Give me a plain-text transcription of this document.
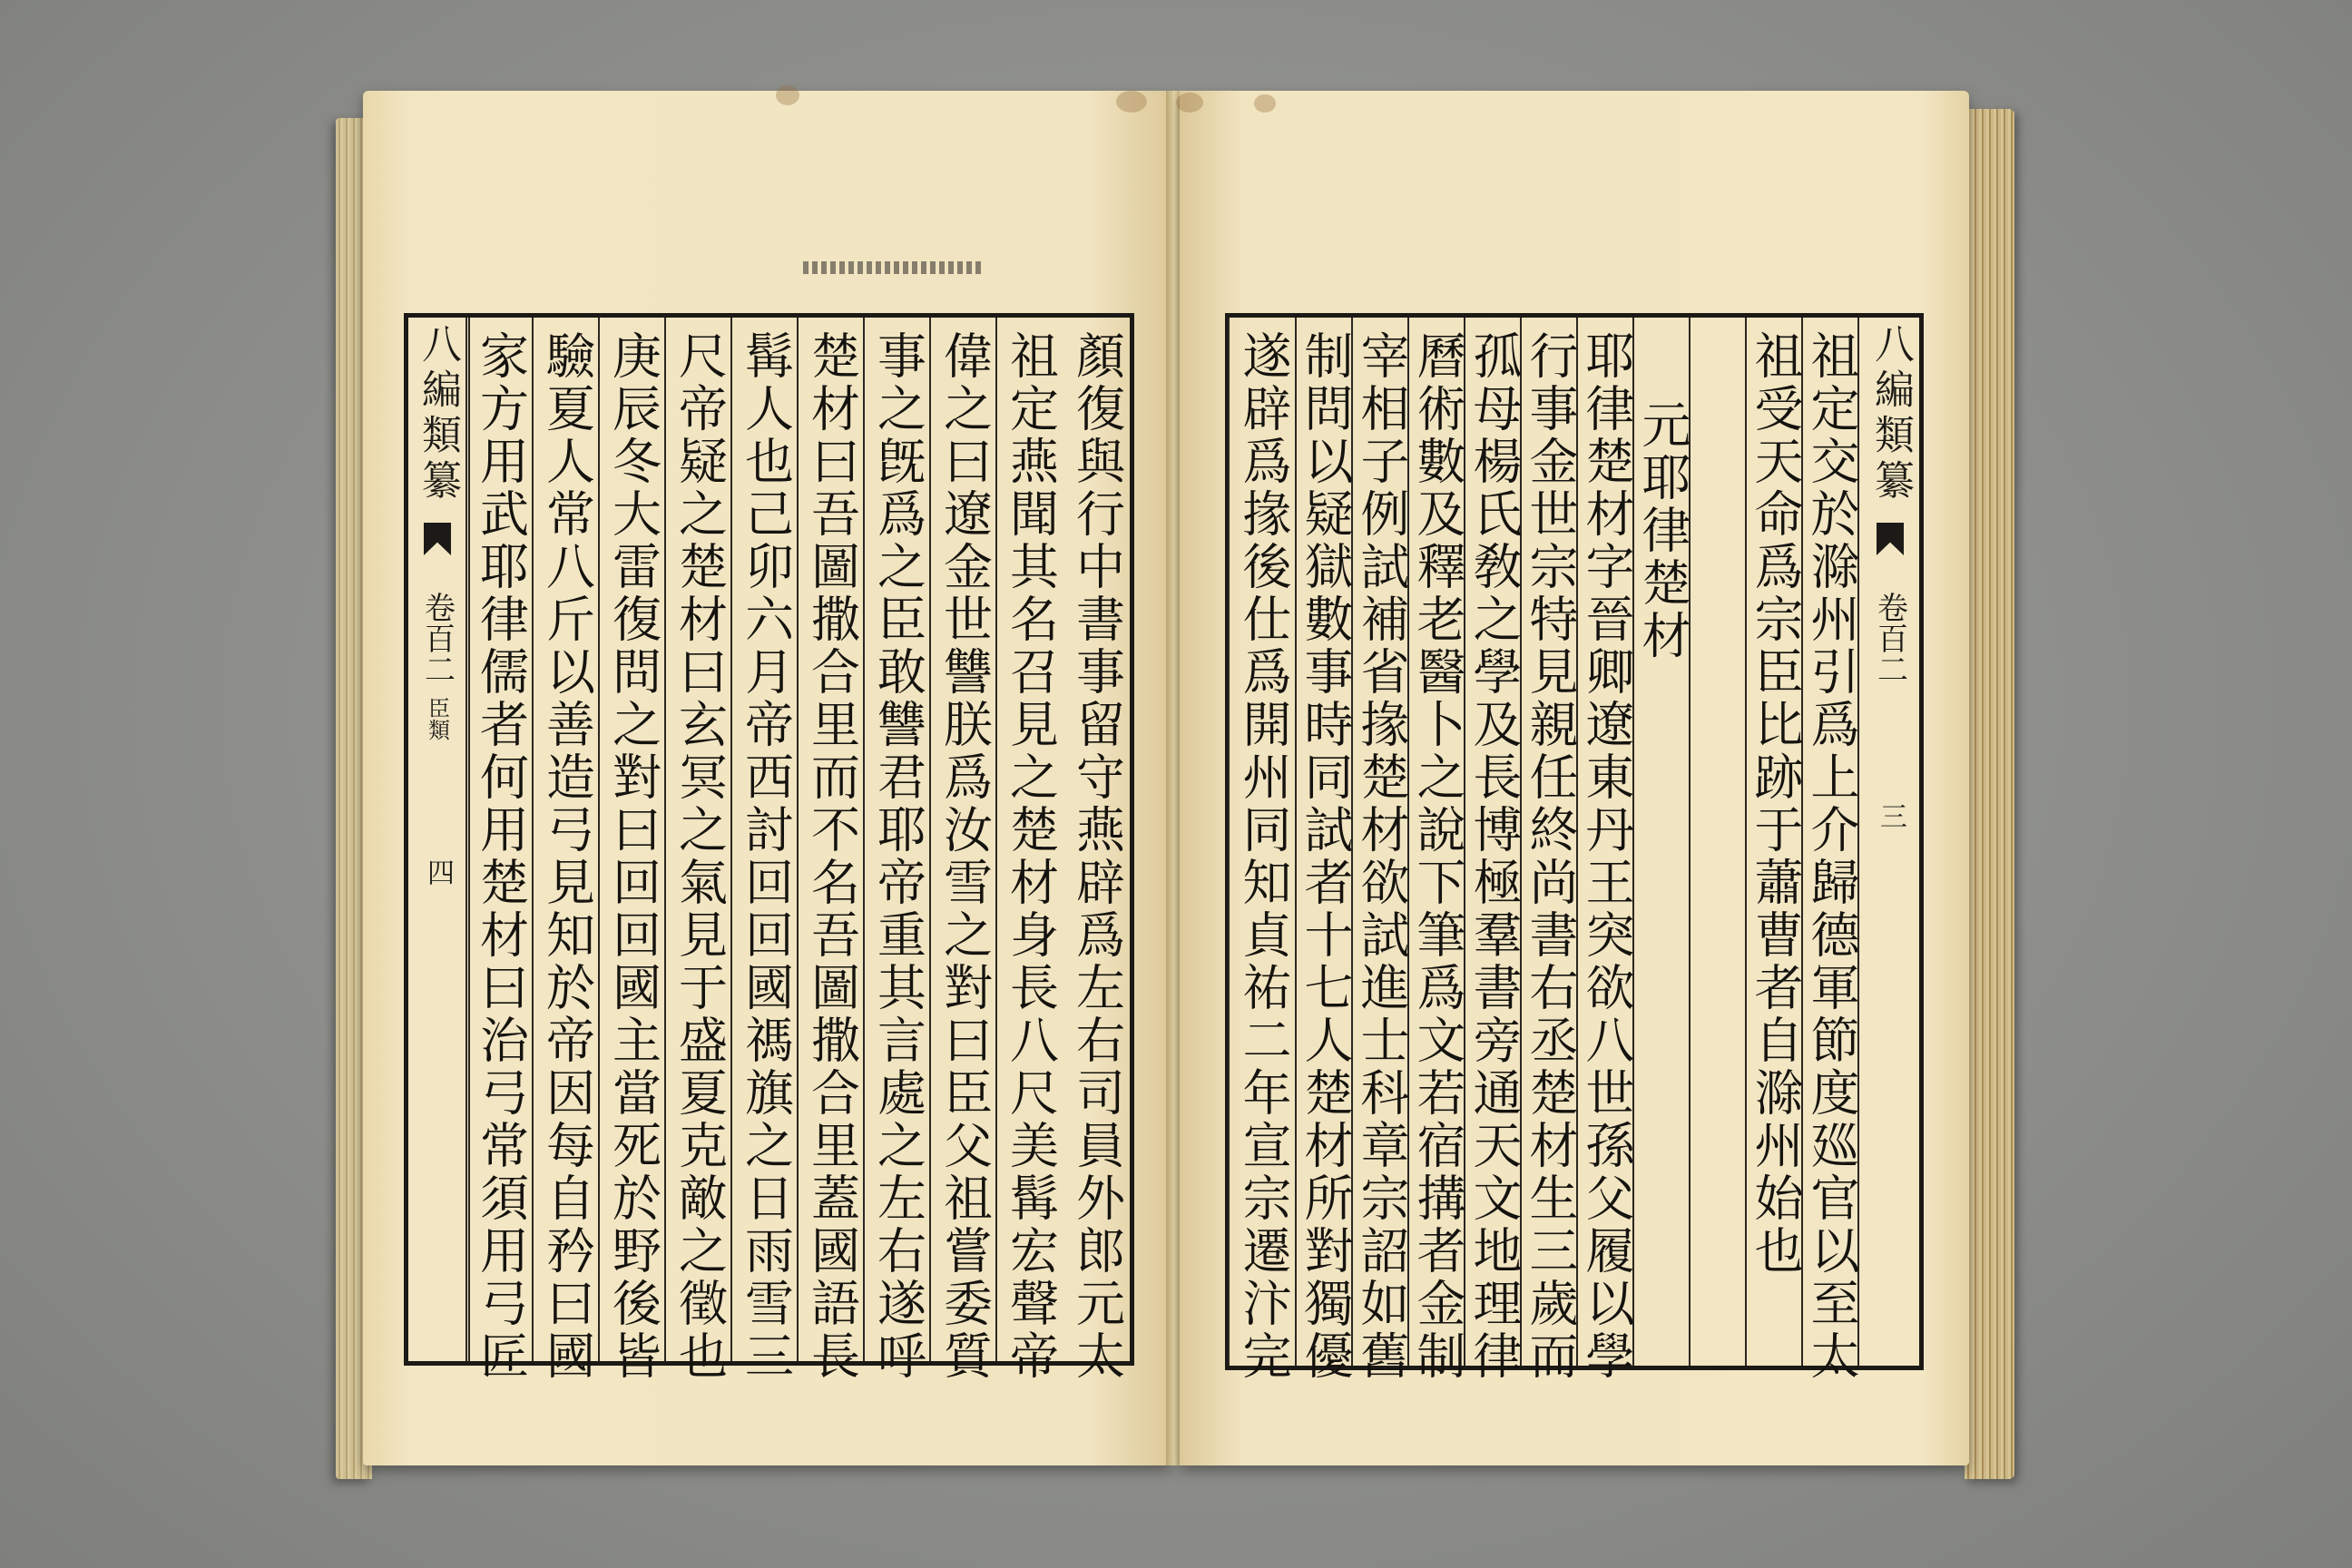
顏復與行中書事留守燕辟爲左右司員外郎元太
祖定燕聞其名召見之楚材身長八尺美髯宏聲帝
偉之曰遼金世讐朕爲汝雪之對曰臣父祖嘗委質
事之旣爲之臣敢讐君耶帝重其言處之左右遂呼
楚材曰吾圖撒合里而不名吾圖撒合里蓋國語長
髯人也己卯六月帝西討回回國禡旗之日雨雪三
尺帝疑之楚材曰玄冥之氣見于盛夏克敵之徵也
庚辰冬大雷復問之對曰回回國主當死於野後皆
驗夏人常八斤以善造弓見知於帝因每自矜曰國
家方用武耶律儒者何用楚材曰治弓常須用弓匠
八編類纂
卷百二
臣類
四
八編類纂
卷百二
三
祖定交於滁州引爲上介歸德軍節度廵官以至太
祖受天命爲宗臣比跡于蕭曹者自滁州始也
元耶律楚材
耶律楚材字晉卿遼東丹王突欲八世孫父履以學
行事金世宗特見親任終尚書右丞楚材生三歲而
孤母楊氏敎之學及長博極羣書旁通天文地理律
曆術數及釋老醫卜之說下筆爲文若宿搆者金制
宰相子例試補省掾楚材欲試進士科章宗詔如舊
制問以疑獄數事時同試者十七人楚材所對獨優
遂辟爲掾後仕爲開州同知貞祐二年宣宗遷汴完
